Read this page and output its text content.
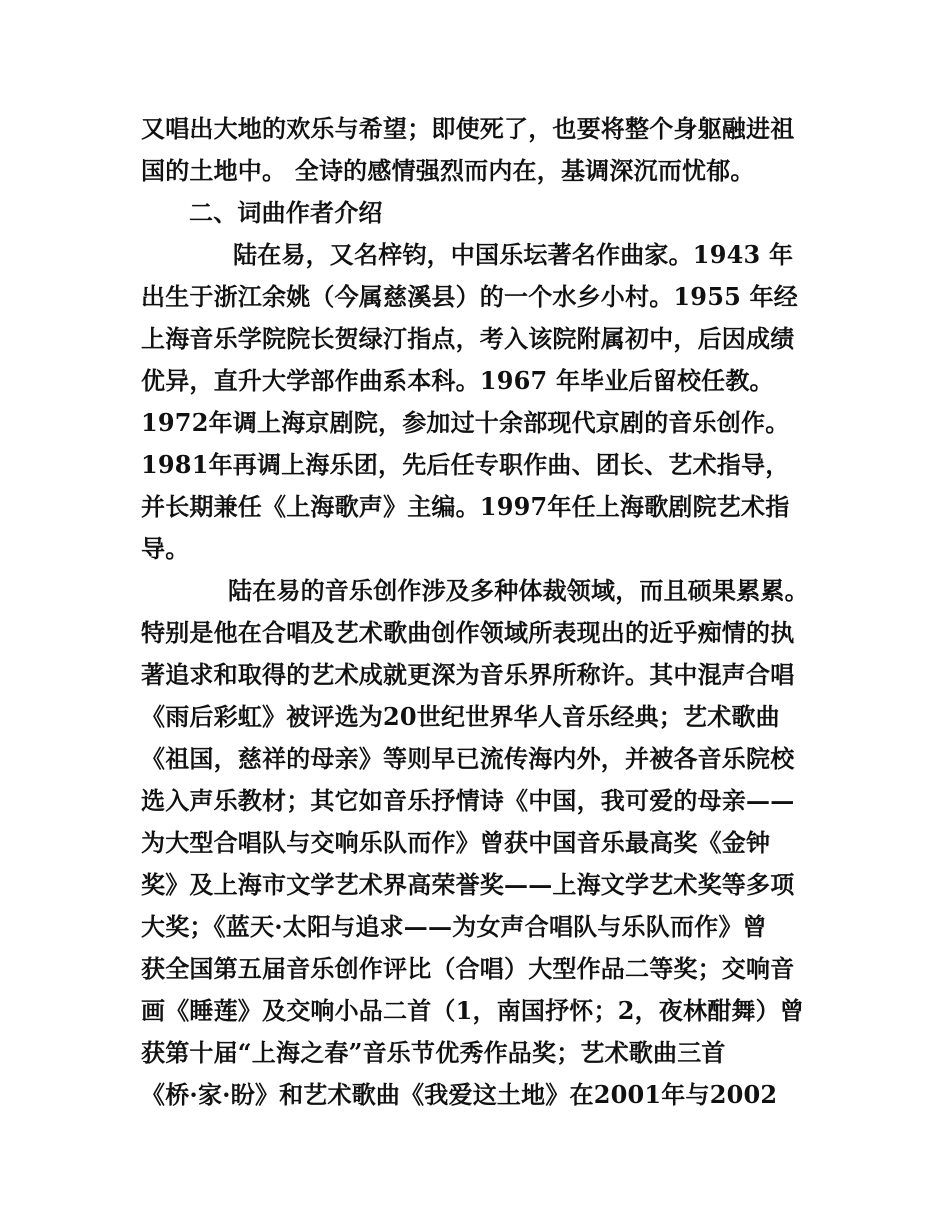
又唱出大地的欢乐与希望；即使死了，也要将整个身躯融进祖
国的土地中。 全诗的感情强烈而内在，基调深沉而忧郁。
二、词曲作者介绍
陆在易，又名梓钧，中国乐坛著名作曲家。1943 年
出生于浙江余姚（今属慈溪县）的一个水乡小村。1955 年经
上海音乐学院院长贺绿汀指点，考入该院附属初中，后因成绩
优异，直升大学部作曲系本科。1967 年毕业后留校任教。
1972年调上海京剧院，参加过十余部现代京剧的音乐创作。
1981年再调上海乐团，先后任专职作曲、团长、艺术指导，
并长期兼任《上海歌声》主编。1997年任上海歌剧院艺术指
导。
陆在易的音乐创作涉及多种体裁领域，而且硕果累累。
特别是他在合唱及艺术歌曲创作领域所表现出的近乎痴情的执
著追求和取得的艺术成就更深为音乐界所称许。其中混声合唱
《雨后彩虹》被评选为20世纪世界华人音乐经典；艺术歌曲
《祖国，慈祥的母亲》等则早已流传海内外，并被各音乐院校
选入声乐教材；其它如音乐抒情诗《中国，我可爱的母亲——
为大型合唱队与交响乐队而作》曾获中国音乐最高奖《金钟
奖》及上海市文学艺术界高荣誉奖——上海文学艺术奖等多项
大奖；《蓝天·太阳与追求——为女声合唱队与乐队而作》曾
获全国第五届音乐创作评比（合唱）大型作品二等奖；交响音
画《睡莲》及交响小品二首（1，南国抒怀；2，夜林酣舞）曾
获第十届“上海之春”音乐节优秀作品奖；艺术歌曲三首
《桥·家·盼》和艺术歌曲《我爱这土地》在2001年与2002
